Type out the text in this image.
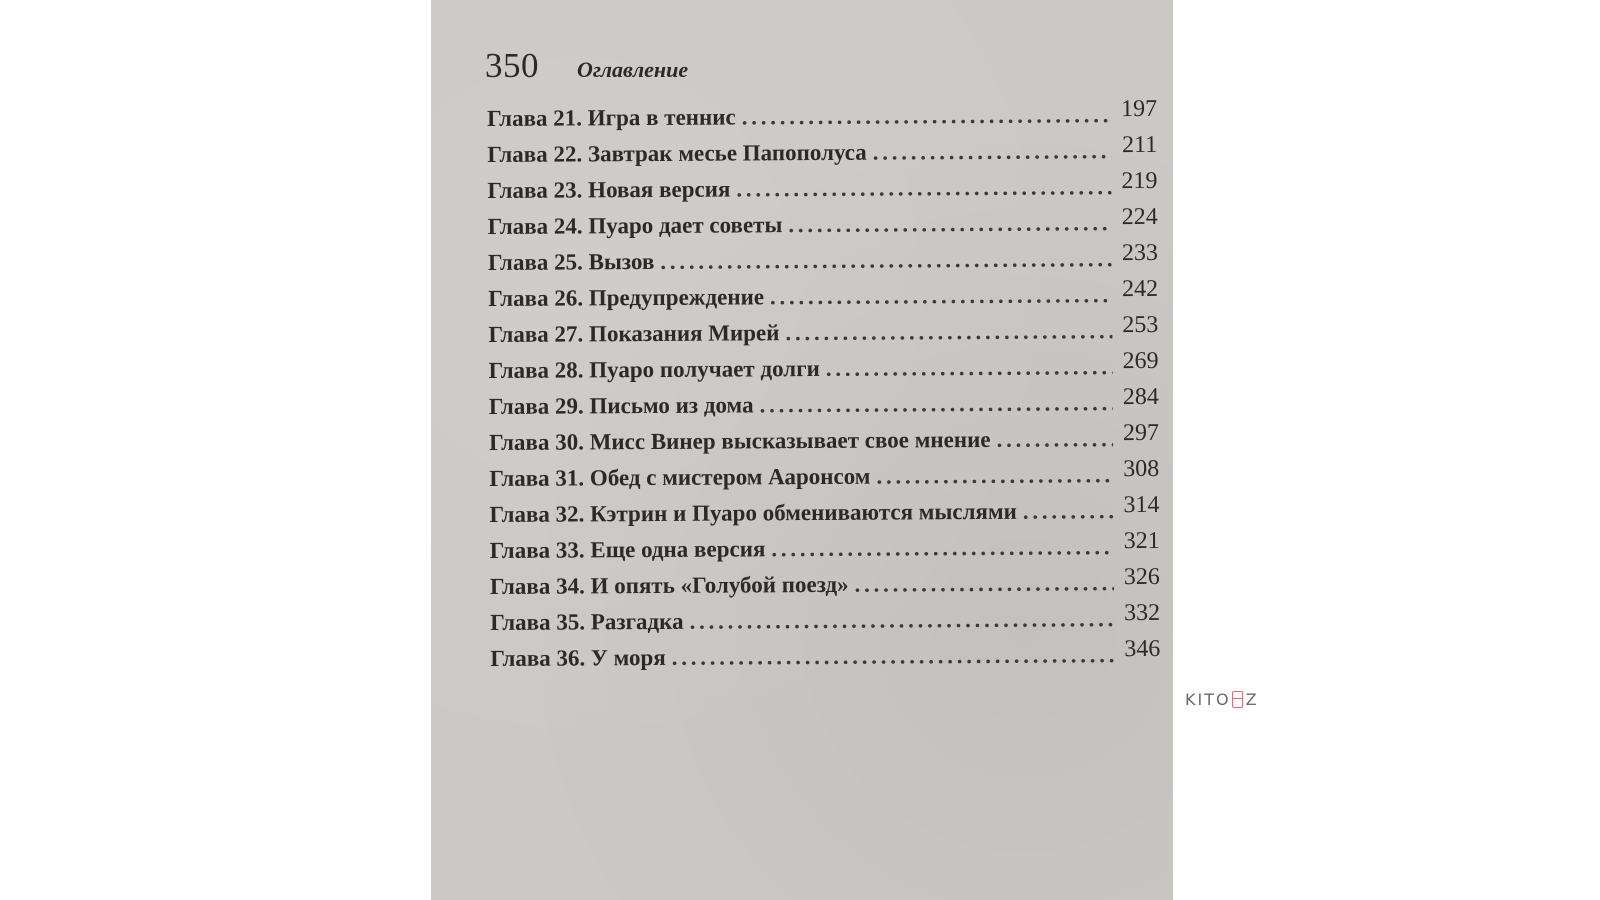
350 Оглавление
Глава 21. Игра в теннис . . .	197
Глава 22. Завтрак месье Папополуса . . .	211
Глава 23. Новая версия . . .	219
Глава 24. Пуаро дает советы . . .	224
Глава 25. Вызов . . .	233
Глава 26. Предупреждение . . .	242
Глава 27. Показания Мирей . . .	253
Глава 28. Пуаро получает долги . . .	269
Глава 29. Письмо из дома . . .	284
Глава 30. Мисс Винер высказывает свое мнение . . .	297
Глава 31. Обед с мистером Ааронсом . . .	308
Глава 32. Кэтрин и Пуаро обмениваются мыслями . . .	314
Глава 33. Еще одна версия . . .	321
Глава 34. И опять «Голубой поезд» . . .	326
Глава 35. Разгадка . . .	332
Глава 36. У моря . . .	346
KITO Z
